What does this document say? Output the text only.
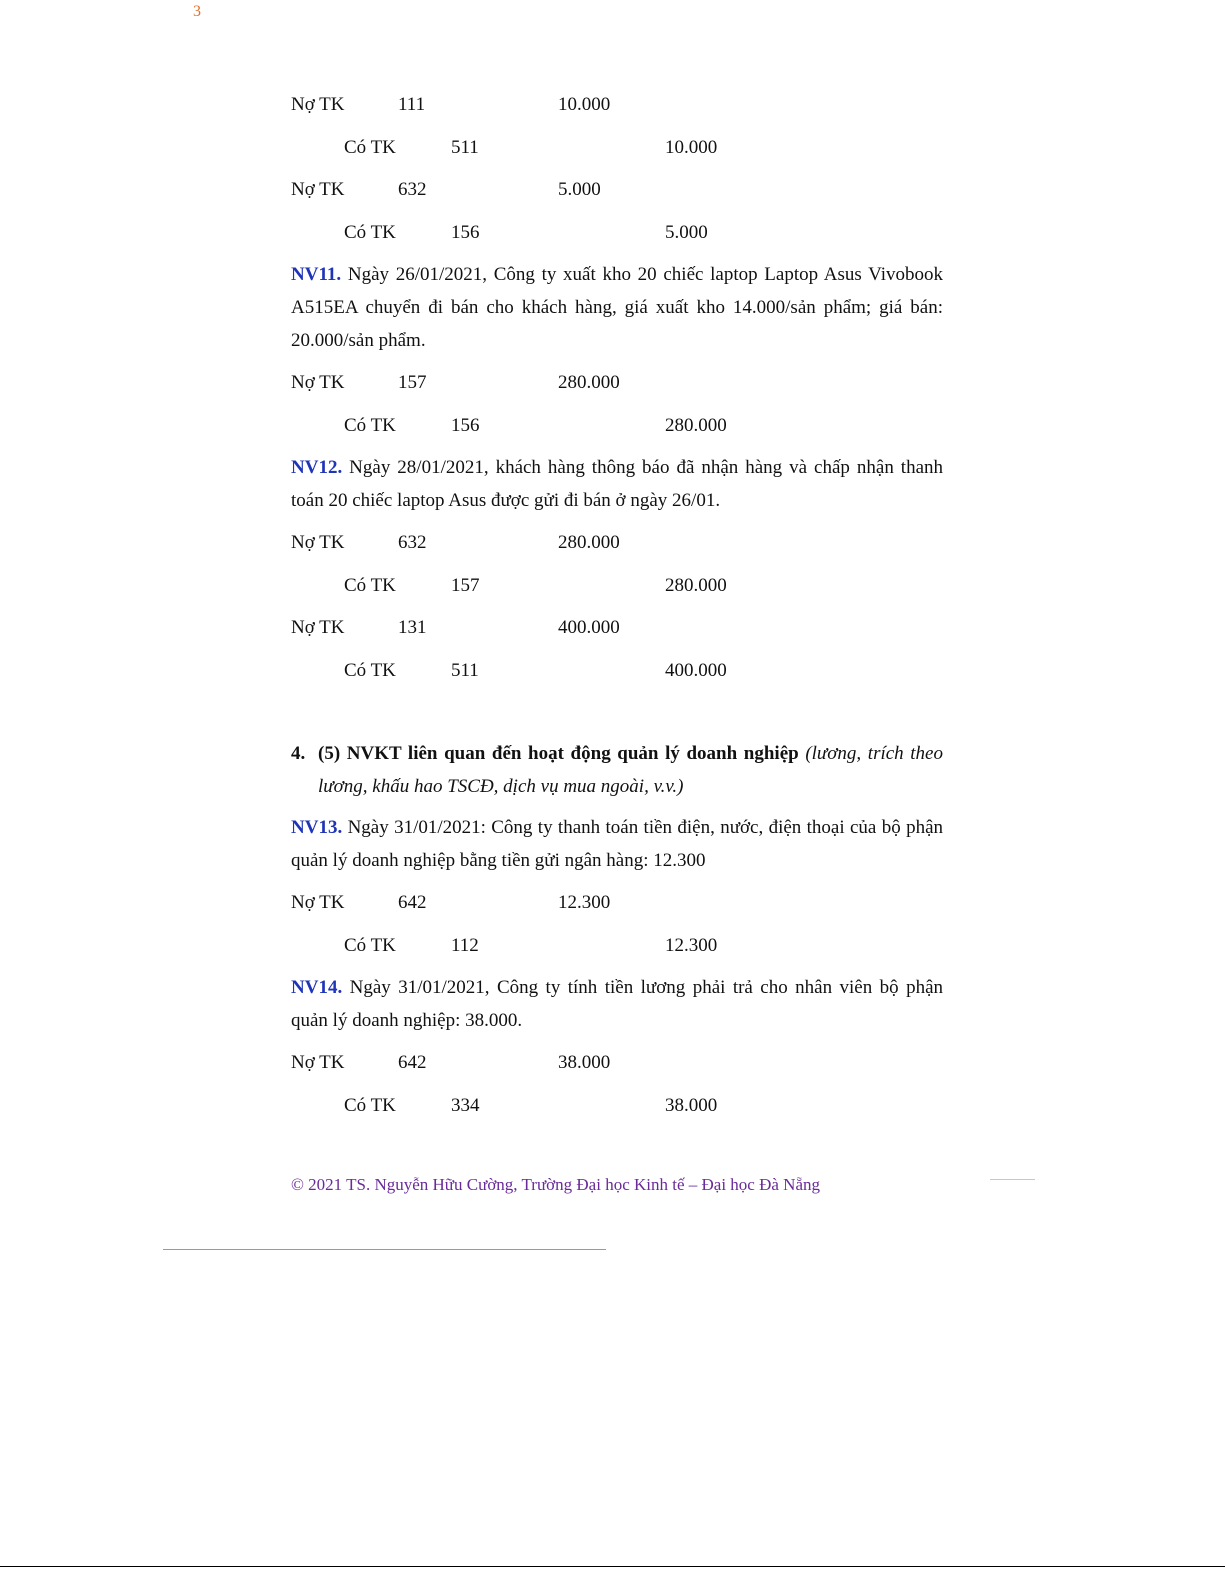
3
Nợ TK	111	10.000
Có TK	511	10.000
Nợ TK	632	5.000
Có TK	156	5.000

NV11. Ngày 26/01/2021, Công ty xuất kho 20 chiếc laptop Laptop Asus Vivobook A515EA chuyển đi bán cho khách hàng, giá xuất kho 14.000/sản phẩm; giá bán: 20.000/sản phẩm.

Nợ TK	157	280.000
Có TK	156	280.000

NV12. Ngày 28/01/2021, khách hàng thông báo đã nhận hàng và chấp nhận thanh toán 20 chiếc laptop Asus được gửi đi bán ở ngày 26/01.

Nợ TK	632	280.000
Có TK	157	280.000
Nợ TK	131	400.000
Có TK	511	400.000
4. (5) NVKT liên quan đến hoạt động quản lý doanh nghiệp (lương, trích theo lương, khấu hao TSCĐ, dịch vụ mua ngoài, v.v.)

NV13. Ngày 31/01/2021: Công ty thanh toán tiền điện, nước, điện thoại của bộ phận quản lý doanh nghiệp bằng tiền gửi ngân hàng: 12.300

Nợ TK	642	12.300
Có TK	112	12.300

NV14. Ngày 31/01/2021, Công ty tính tiền lương phải trả cho nhân viên bộ phận quản lý doanh nghiệp: 38.000.

Nợ TK	642	38.000
Có TK	334	38.000
© 2021 TS. Nguyễn Hữu Cường, Trường Đại học Kinh tế – Đại học Đà Nẵng
